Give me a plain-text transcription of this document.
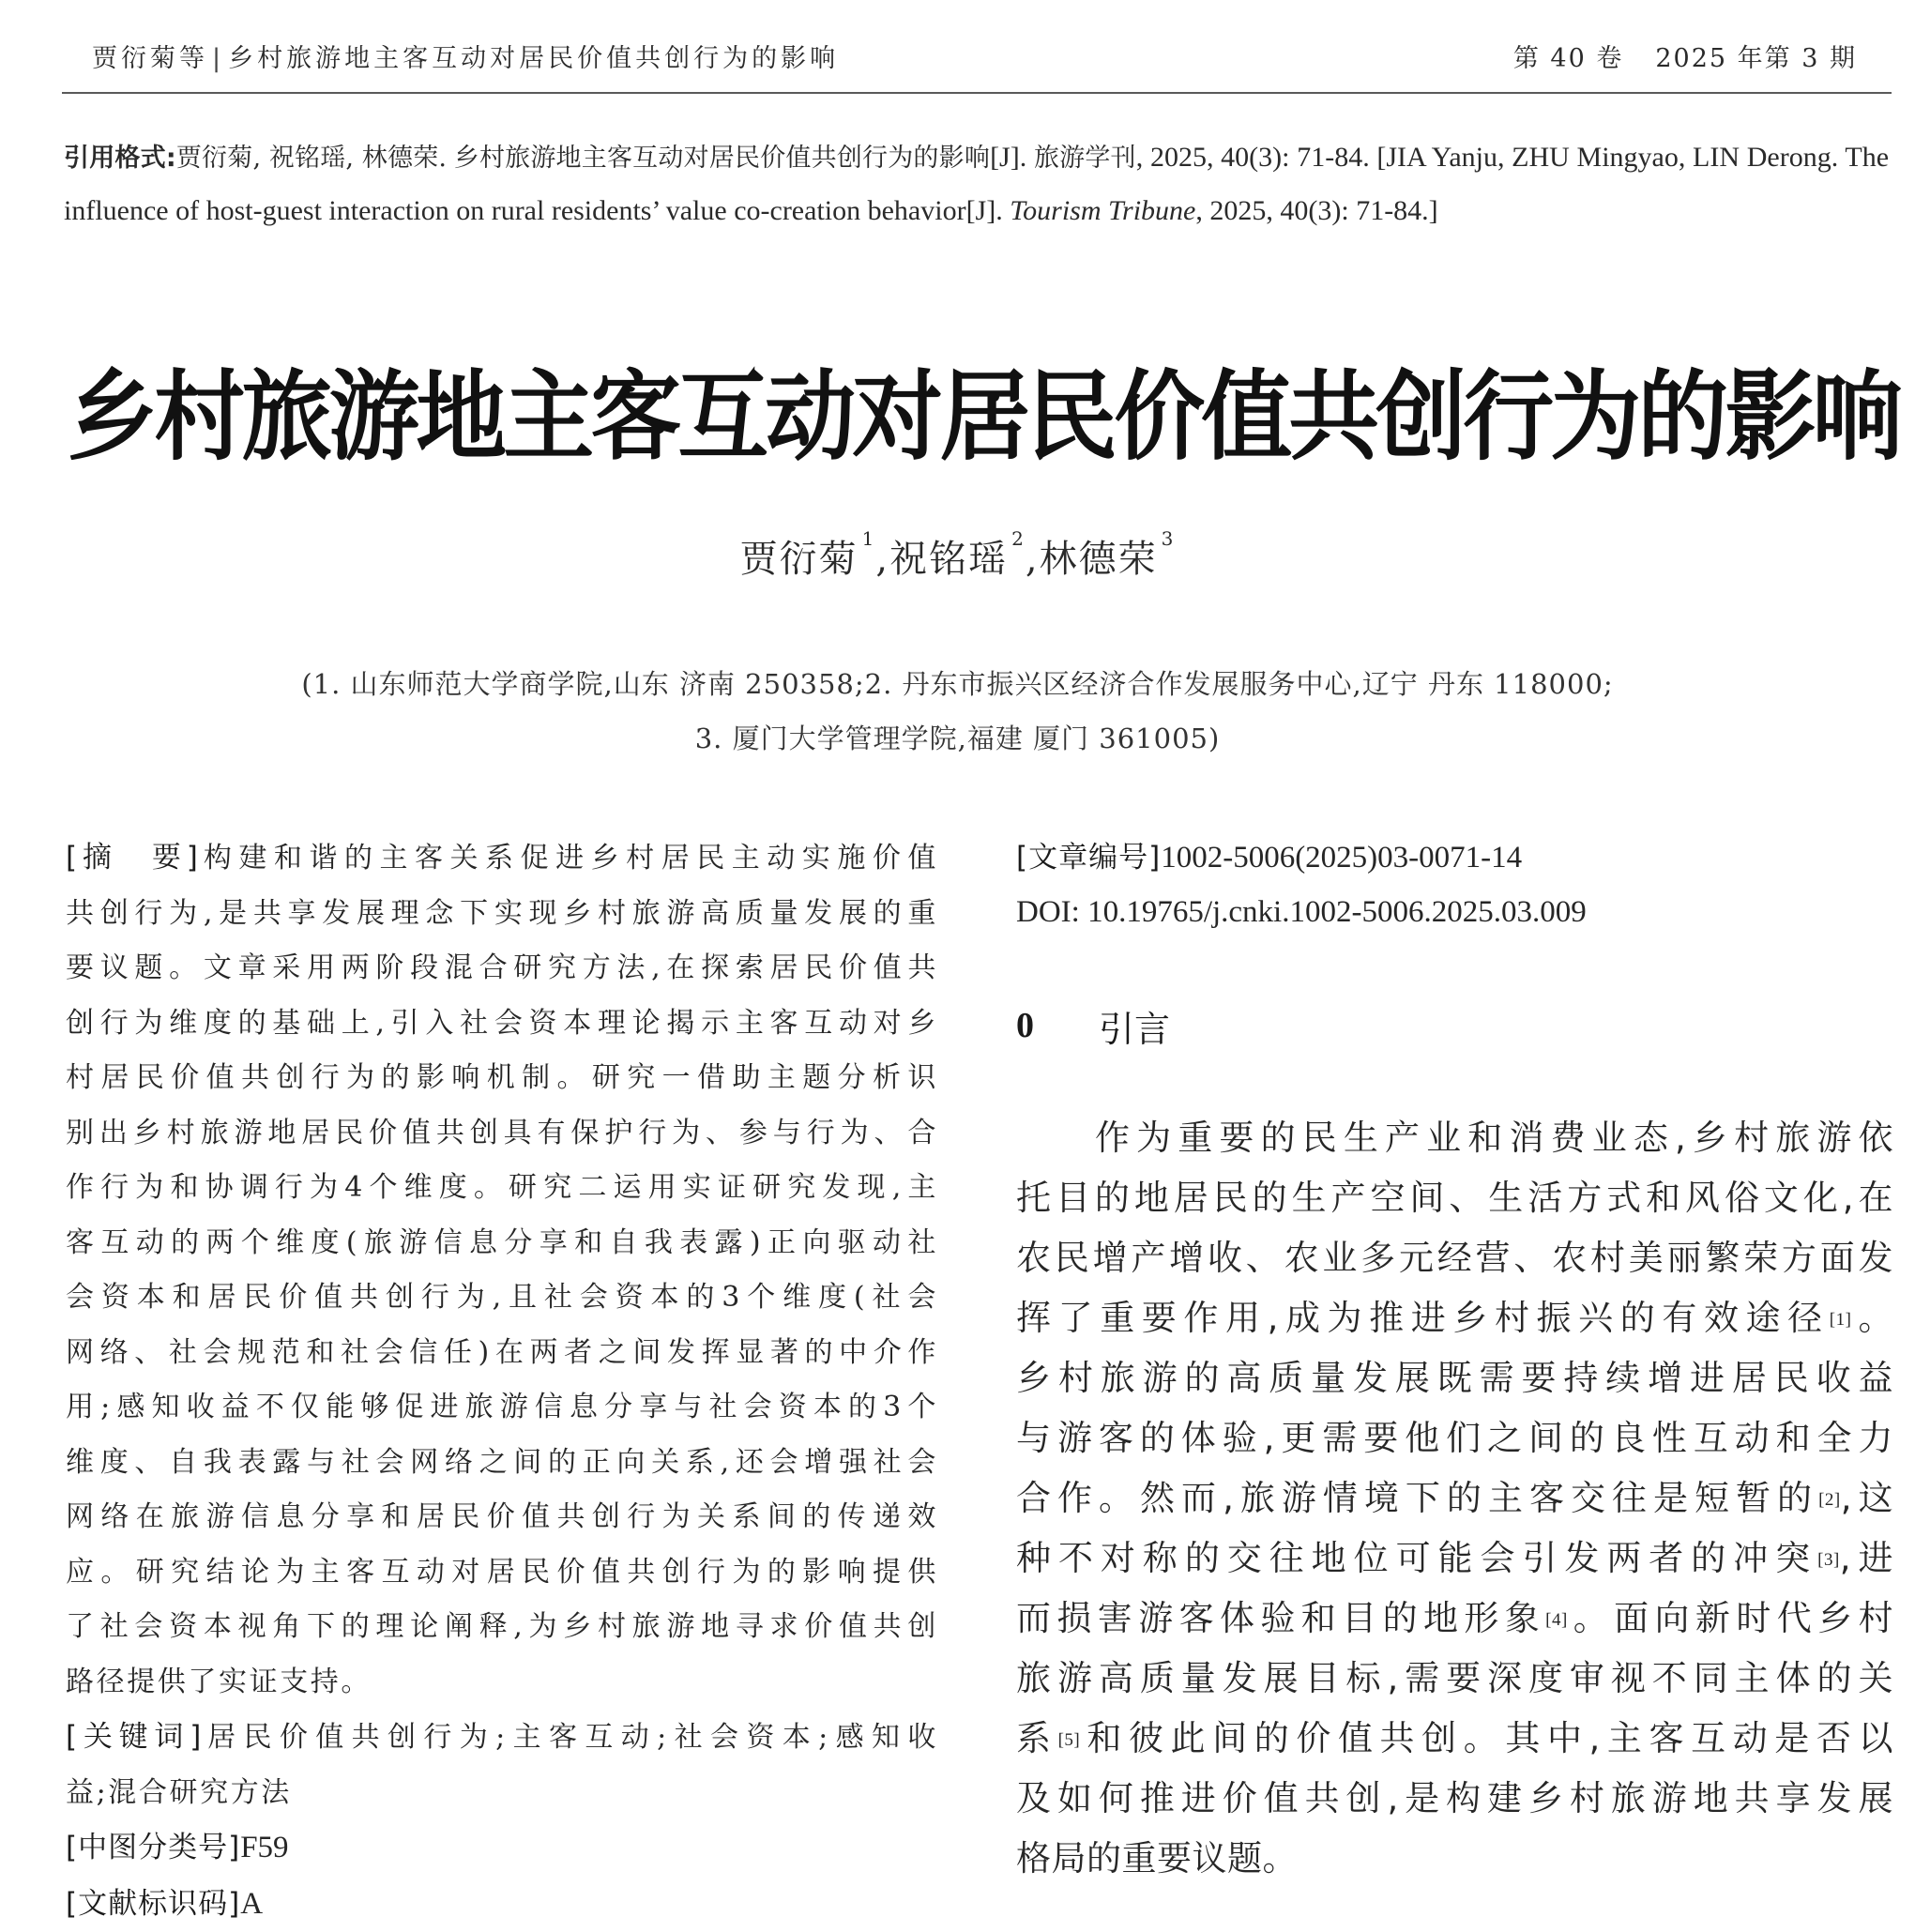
贾衍菊等 | 乡村旅游地主客互动对居民价值共创行为的影响	第 40 卷 2025 年第 3 期
引用格式:贾衍菊, 祝铭瑶, 林德荣. 乡村旅游地主客互动对居民价值共创行为的影响[J]. 旅游学刊, 2025, 40(3): 71-84. [JIA Yanju, ZHU Mingyao, LIN Derong. The influence of host-guest interaction on rural residents’ value co-creation behavior[J]. Tourism Tribune, 2025, 40(3): 71-84.]
乡村旅游地主客互动对居民价值共创行为的影响
贾衍菊 $^1$,祝铭瑶 $^2$,林德荣 $^3$
(1. 山东师范大学商学院,山东 济南 250358;2. 丹东市振兴区经济合作发展服务中心,辽宁 丹东 118000;
3. 厦门大学管理学院,福建 厦门 361005)
[摘　要]构建和谐的主客关系促进乡村居民主动实施价值
共创行为,是共享发展理念下实现乡村旅游高质量发展的重
要议题。文章采用两阶段混合研究方法,在探索居民价值共
创行为维度的基础上,引入社会资本理论揭示主客互动对乡
村居民价值共创行为的影响机制。研究一借助主题分析识
别出乡村旅游地居民价值共创具有保护行为、参与行为、合
作行为和协调行为4个维度。研究二运用实证研究发现,主
客互动的两个维度(旅游信息分享和自我表露)正向驱动社
会资本和居民价值共创行为,且社会资本的3个维度(社会
网络、社会规范和社会信任)在两者之间发挥显著的中介作
用;感知收益不仅能够促进旅游信息分享与社会资本的3个
维度、自我表露与社会网络之间的正向关系,还会增强社会
网络在旅游信息分享和居民价值共创行为关系间的传递效
应。研究结论为主客互动对居民价值共创行为的影响提供
了社会资本视角下的理论阐释,为乡村旅游地寻求价值共创
路径提供了实证支持。
[关键词]居民价值共创行为;主客互动;社会资本;感知收
益;混合研究方法
[中图分类号]F59
[文献标识码]A
[文章编号]1002-5006(2025)03-0071-14
DOI: 10.19765/j.cnki.1002-5006.2025.03.009
0	引言
作为重要的民生产业和消费业态,乡村旅游依
托目的地居民的生产空间、生活方式和风俗文化,在
农民增产增收、农业多元经营、农村美丽繁荣方面发
挥了重要作用,成为推进乡村振兴的有效途径[1]。
乡村旅游的高质量发展既需要持续增进居民收益
与游客的体验,更需要他们之间的良性互动和全力
合作。然而,旅游情境下的主客交往是短暂的[2],这
种不对称的交往地位可能会引发两者的冲突[3],进
而损害游客体验和目的地形象[4]。面向新时代乡村
旅游高质量发展目标,需要深度审视不同主体的关
系[5]和彼此间的价值共创。其中,主客互动是否以
及如何推进价值共创,是构建乡村旅游地共享发展
格局的重要议题。
